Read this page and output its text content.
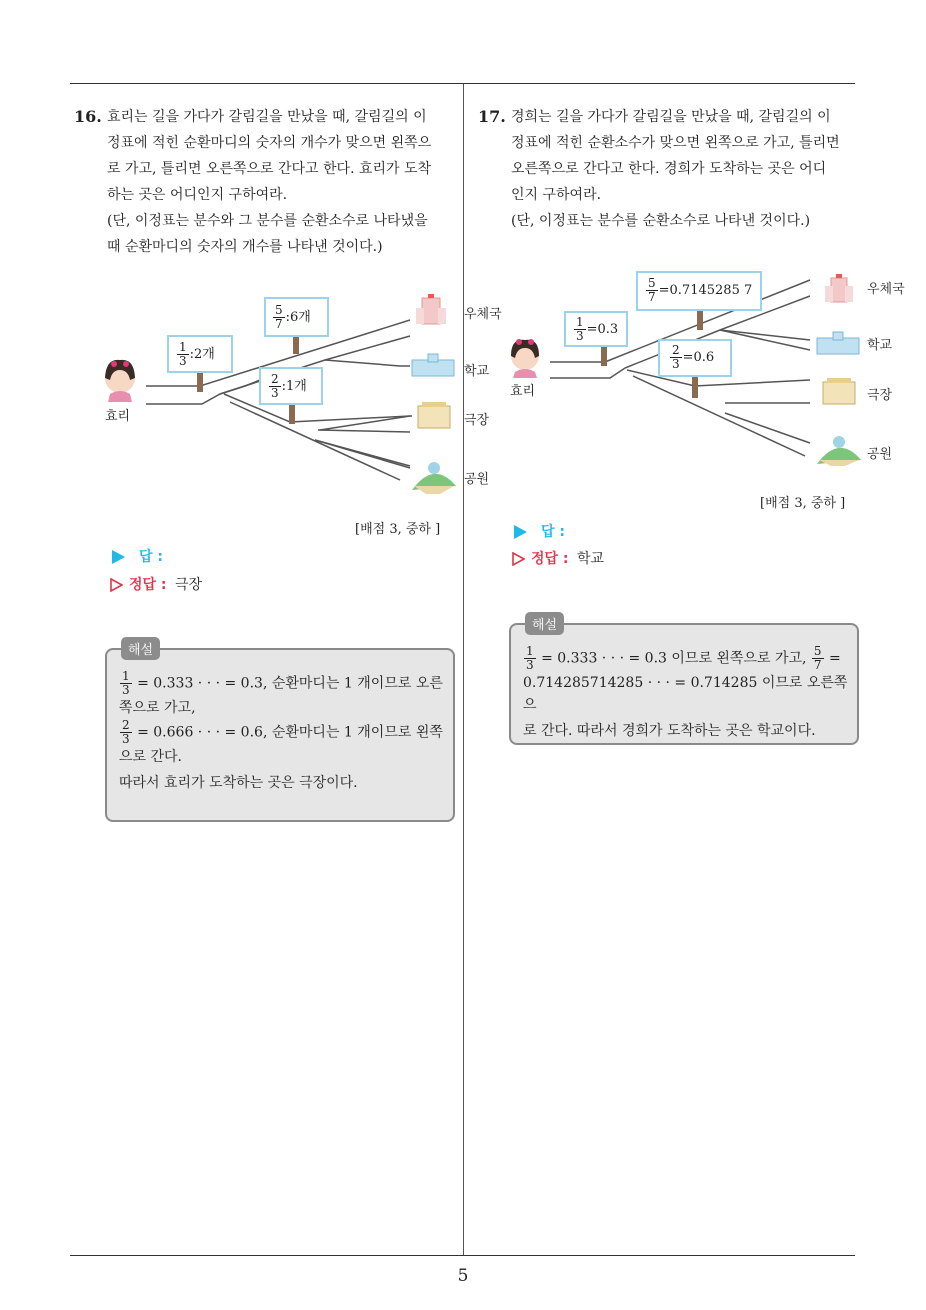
5
16. 효리는 길을 가다가 갈림길을 만났을 때, 갈림길의 이

정표에 적힌 순환마디의 숫자의 개수가 맞으면 왼쪽으

로 가고, 틀리면 오른쪽으로 간다고 한다. 효리가 도착

하는 곳은 어디인지 구하여라.

(단, 이정표는 분수와 그 분수를 순환소수로 나타냈을

때 순환마디의 숫자의 개수를 나타낸 것이다.)

$\frac{1}{3}$ :2개
$\frac{5}{7}$ :6개
$\frac{2}{3}$ :1개
효리
우체국
학교
극장
공원
[배점 3, 중하 ]
답 :
정답 : 극장
해설
$\frac{1}{3} = 0.333$ · · · = 0.3, 순환마디는 1 개이므로 오른
쪽으로 가고,
$\frac{2}{3} = 0.666$ · · · = 0.6, 순환마디는 1 개이므로 왼쪽
으로 간다.
따라서 효리가 도착하는 곳은 극장이다.
17. 경희는 길을 가다가 갈림길을 만났을 때, 갈림길의 이

정표에 적힌 순환소수가 맞으면 왼쪽으로 가고, 틀리면

오른쪽으로 간다고 한다. 경희가 도착하는 곳은 어디

인지 구하여라.

(단, 이정표는 분수를 순환소수로 나타낸 것이다.)

$\frac{1}{3} =0.3$
$\frac{5}{7} =0.7145285$ 7
$\frac{2}{3} =0.6$
효리
우체국
학교
극장
공원
[배점 3, 중하 ]
답 :
정답 : 학교
해설
$\frac{1}{3} = 0.333$ · · · = 0.3 이므로 왼쪽으로 가고, $\frac{5}{7}$ =
0.714285714285 · · · = 0.714285 이므로 오른쪽으
로 간다. 따라서 경희가 도착하는 곳은 학교이다.
